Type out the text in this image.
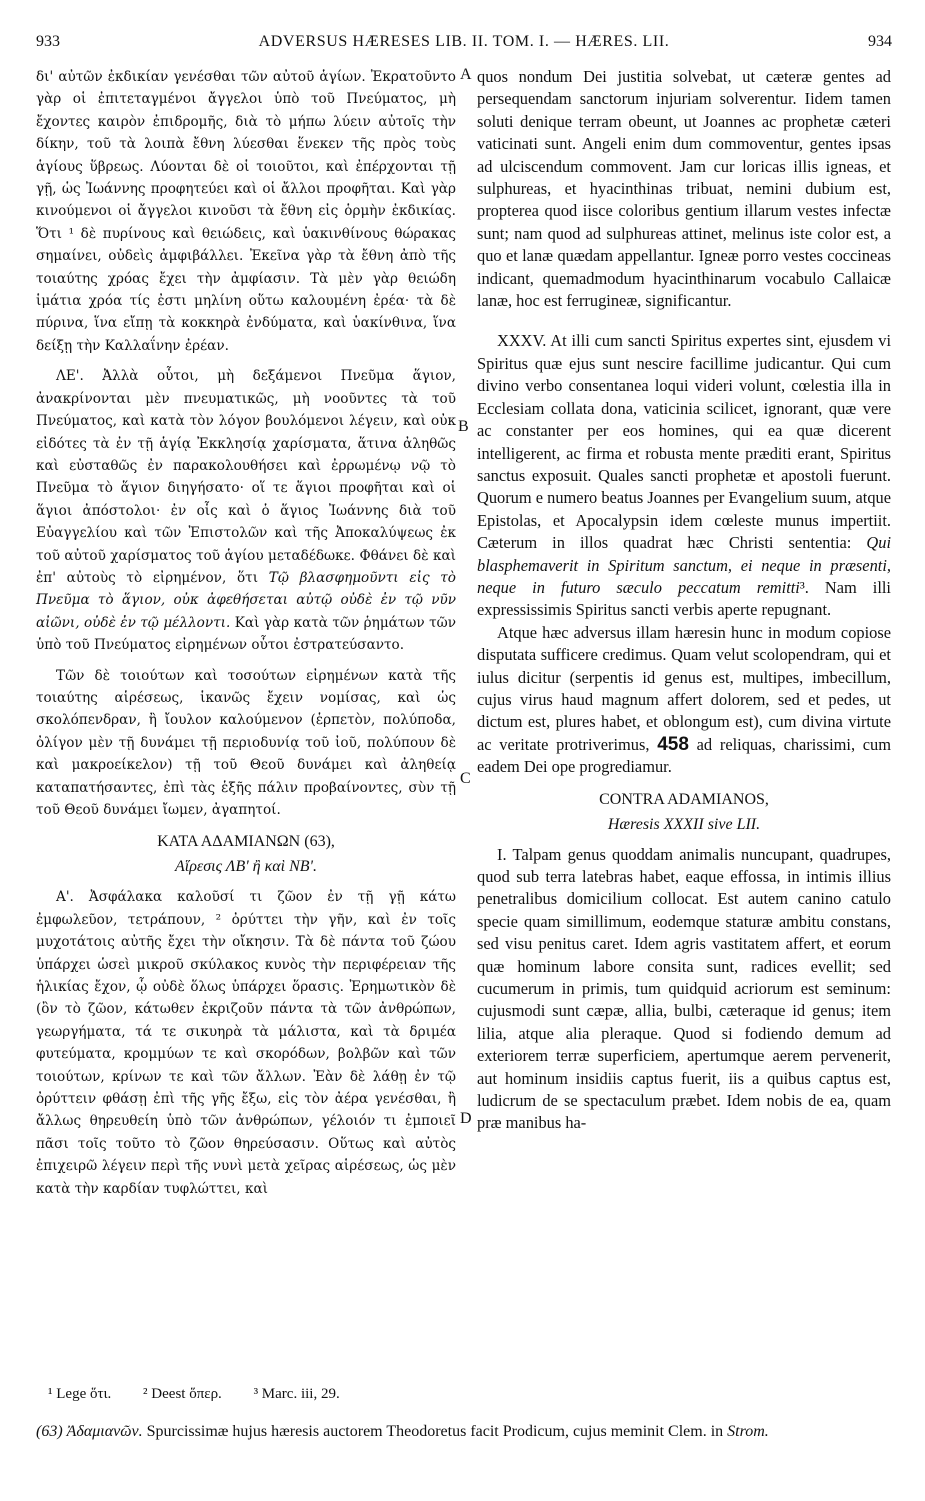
933	ADVERSUS HÆRESES LIB. II. TOM. I. — HÆRES. LII.	934

δι' αὐτῶν ἐκδικίαν γενέσθαι τῶν αὐτοῦ ἁγίων. Ἐκρατοῦντο γὰρ οἱ ἐπιτεταγμένοι ἄγγελοι ὑπὸ τοῦ Πνεύματος, μὴ ἔχοντες καιρὸν ἐπιδρομῆς, διὰ τὸ μήπω λύειν αὐτοῖς τὴν δίκην, τοῦ τὰ λοιπὰ ἔθνη λύεσθαι ἕνεκεν τῆς πρὸς τοὺς ἁγίους ὕβρεως. Λύονται δὲ οἱ τοιοῦτοι, καὶ ἐπέρχονται τῇ γῇ, ὡς Ἰωάννης προφητεύει καὶ οἱ ἄλλοι προφῆται. Καὶ γὰρ κινούμενοι οἱ ἄγγελοι κινοῦσι τὰ ἔθνη εἰς ὁρμὴν ἐκδικίας. Ὅτι ¹ δὲ πυρίνους καὶ θειώδεις, καὶ ὑακινθίνους θώρακας σημαίνει, οὐδεὶς ἀμφιβάλλει. Ἐκεῖνα γὰρ τὰ ἔθνη ἀπὸ τῆς τοιαύτης χρόας ἔχει τὴν ἀμφίασιν. Τὰ μὲν γὰρ θειώδη ἱμάτια χρόα τίς ἐστι μηλίνη οὕτω καλουμένη ἐρέα· τὰ δὲ πύρινα, ἵνα εἴπῃ τὰ κοκκηρὰ ἐνδύματα, καὶ ὑακίνθινα, ἵνα δείξῃ τὴν Καλλαΐνην ἐρέαν.

ΛΕ'. Ἀλλὰ οὗτοι, μὴ δεξάμενοι Πνεῦμα ἅγιον, ἀνακρίνονται μὲν πνευματικῶς, μὴ νοοῦντες τὰ τοῦ Πνεύματος, καὶ κατὰ τὸν λόγον βουλόμενοι λέγειν, καὶ οὐκ εἰδότες τὰ ἐν τῇ ἁγίᾳ Ἐκκλησίᾳ χαρίσματα, ἅτινα ἀληθῶς καὶ εὐσταθῶς ἐν παρακολουθήσει καὶ ἐρρωμένῳ νῷ τὸ Πνεῦμα τὸ ἅγιον διηγήσατο· οἵ τε ἅγιοι προφῆται καὶ οἱ ἅγιοι ἀπόστολοι· ἐν οἷς καὶ ὁ ἅγιος Ἰωάννης διὰ τοῦ Εὐαγγελίου καὶ τῶν Ἐπιστολῶν καὶ τῆς Ἀποκαλύψεως ἐκ τοῦ αὐτοῦ χαρίσματος τοῦ ἁγίου μεταδέδωκε. Φθάνει δὲ καὶ ἐπ' αὐτοὺς τὸ εἰρημένον, ὅτι Τῷ βλασφημοῦντι εἰς τὸ Πνεῦμα τὸ ἅγιον, οὐκ ἀφεθήσεται αὐτῷ οὐδὲ ἐν τῷ νῦν αἰῶνι, οὐδὲ ἐν τῷ μέλλοντι. Καὶ γὰρ κατὰ τῶν ῥημάτων τῶν ὑπὸ τοῦ Πνεύματος εἰρημένων οὗτοι ἐστρατεύσαντο.

Τῶν δὲ τοιούτων καὶ τοσούτων εἰρημένων κατὰ τῆς τοιαύτης αἱρέσεως, ἱκανῶς ἔχειν νομίσας, καὶ ὡς σκολόπενδραν, ἢ ἴουλον καλούμενον (ἑρπετὸν, πολύποδα, ὀλίγον μὲν τῇ δυνάμει τῇ περιοδυνίᾳ τοῦ ἰοῦ, πολύπουν δὲ καὶ μακροείκελον) τῇ τοῦ Θεοῦ δυνάμει καὶ ἀληθείᾳ καταπατήσαντες, ἐπὶ τὰς ἑξῆς πάλιν προβαίνοντες, σὺν τῇ τοῦ Θεοῦ δυνάμει ἴωμεν, ἀγαπητοί.

ΚΑΤΑ ΑΔΑΜΙΑΝΩΝ (63),
Αἵρεσις ΛΒ' ἢ καὶ ΝΒ'.

Α'. Ἀσφάλακα καλοῦσί τι ζῶον ἐν τῇ γῇ κάτω ἐμφωλεῦον, τετράπουν, ² ὀρύττει τὴν γῆν, καὶ ἐν τοῖς μυχοτάτοις αὐτῆς ἔχει τὴν οἴκησιν. Τὰ δὲ πάντα τοῦ ζώου ὑπάρχει ὡσεὶ μικροῦ σκύλακος κυνὸς τὴν περιφέρειαν τῆς ἡλικίας ἔχον, ᾧ οὐδὲ ὅλως ὑπάρχει ὅρασις. Ἐρημωτικὸν δὲ (ὂν τὸ ζῶον, κάτωθεν ἐκριζοῦν πάντα τὰ τῶν ἀνθρώπων, γεωργήματα, τά τε σικυηρὰ τὰ μάλιστα, καὶ τὰ δριμέα φυτεύματα, κρομμύων τε καὶ σκορόδων, βολβῶν καὶ τῶν τοιούτων, κρίνων τε καὶ τῶν ἄλλων. Ἐὰν δὲ λάθῃ ἐν τῷ ὀρύττειν φθάσῃ ἐπὶ τῆς γῆς ἔξω, εἰς τὸν ἀέρα γενέσθαι, ἢ ἄλλως θηρευθείη ὑπὸ τῶν ἀνθρώπων, γέλοιόν τι ἐμποιεῖ πᾶσι τοῖς τοῦτο τὸ ζῶον θηρεύσασιν. Οὕτως καὶ αὐτὸς ἐπιχειρῶ λέγειν περὶ τῆς νυνὶ μετὰ χεῖρας αἱρέσεως, ὡς μὲν κατὰ τὴν καρδίαν τυφλώττει, καὶ

A
B
C
D

quos nondum Dei justitia solvebat, ut cæteræ gentes ad persequendam sanctorum injuriam solverentur. Iidem tamen soluti denique terram obeunt, ut Joannes ac prophetæ cæteri vaticinati sunt. Angeli enim dum commoventur, gentes ipsas ad ulciscendum commovent. Jam cur loricas illis igneas, et sulphureas, et hyacinthinas tribuat, nemini dubium est, propterea quod iisce coloribus gentium illarum vestes infectæ sunt; nam quod ad sulphureas attinet, melinus iste color est, a quo et lanæ quædam appellantur. Igneæ porro vestes coccineas indicant, quemadmodum hyacinthinarum vocabulo Callaicæ lanæ, hoc est ferrugineæ, significantur.

XXXV. At illi cum sancti Spiritus expertes sint, ejusdem vi Spiritus quæ ejus sunt nescire facillime judicantur. Qui cum divino verbo consentanea loqui videri volunt, cœlestia illa in Ecclesiam collata dona, vaticinia scilicet, ignorant, quæ vere ac constanter per eos homines, qui ea quæ dicerent intelligerent, ac firma et robusta mente præditi erant, Spiritus sanctus exposuit. Quales sancti prophetæ et apostoli fuerunt. Quorum e numero beatus Joannes per Evangelium suum, atque Epistolas, et Apocalypsin idem cœleste munus impertiit. Cæterum in illos quadrat hæc Christi sententia: Qui blasphemaverit in Spiritum sanctum, ei neque in præsenti, neque in futuro sæculo peccatum remitti³. Nam illi expressissimis Spiritus sancti verbis aperte repugnant.

Atque hæc adversus illam hæresin hunc in modum copiose disputata sufficere credimus. Quam velut scolopendram, qui et iulus dicitur (serpentis id genus est, multipes, imbecillum, cujus virus haud magnum affert dolorem, sed et pedes, ut dictum est, plures habet, et oblongum est), cum divina virtute ac veritate protriverimus, 458 ad reliquas, charissimi, cum eadem Dei ope progrediamur.

CONTRA ADAMIANOS,
Hæresis XXXII sive LII.

I. Talpam genus quoddam animalis nuncupant, quadrupes, quod sub terra latebras habet, eaque effossa, in intimis illius penetralibus domicilium collocat. Est autem canino catulo specie quam simillimum, eodemque staturæ ambitu constans, sed visu penitus caret. Idem agris vastitatem affert, et eorum quæ hominum labore consita sunt, radices evellit; sed cucumerum in primis, tum quidquid acriorum est seminum: cujusmodi sunt cæpæ, allia, bulbi, cæteraque id genus; item lilia, atque alia pleraque. Quod si fodiendo demum ad exteriorem terræ superficiem, apertumque aerem pervenerit, aut hominum insidiis captus fuerit, iis a quibus captus est, ludicrum de se spectaculum præbet. Idem nobis de ea, quam præ manibus ha-

¹ Lege ὅτι. ² Deest ὅπερ. ³ Marc. iii, 29.
(63) Ἀδαμιανῶν. Spurcissimæ hujus hæresis auctorem Theodoretus facit Prodicum, cujus meminit Clem. in Strom.
